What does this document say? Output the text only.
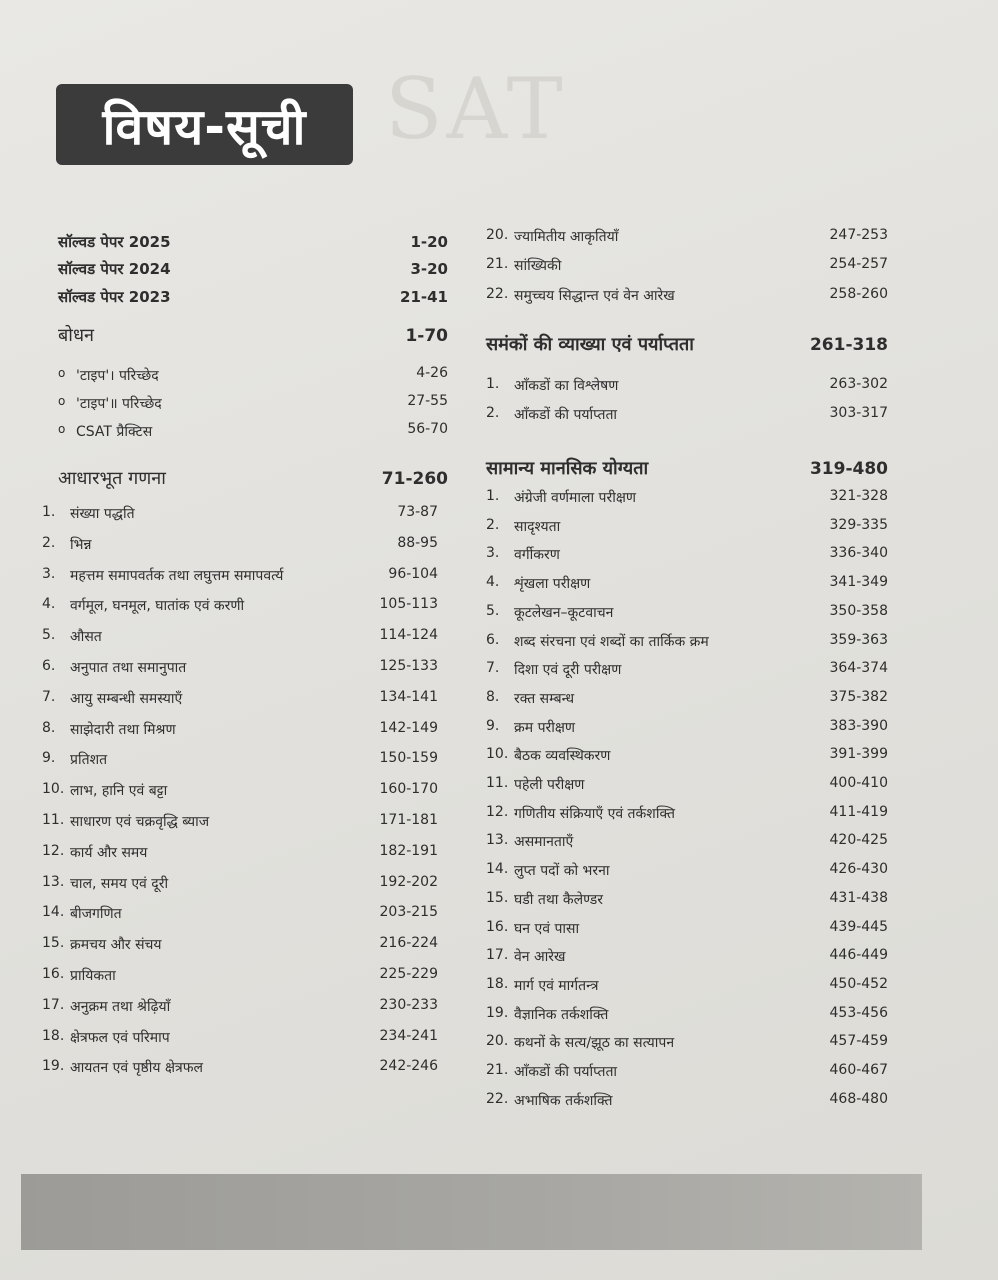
SAT
विषय-सूची
सॉल्वड पेपर 2025	1-20
सॉल्वड पेपर 2024	3-20
सॉल्वड पेपर 2023	21-41
बोधन	1-70
o 'टाइप'। परिच्छेद	4-26
o 'टाइप'॥ परिच्छेद	27-55
o CSAT प्रैक्टिस	56-70
आधारभूत गणना	71-260
1.	संख्या पद्धति	73-87
2.	भिन्न	88-95
3.	महत्तम समापवर्तक तथा लघुत्तम समापवर्त्य	96-104
4.	वर्गमूल, घनमूल, घातांक एवं करणी	105-113
5.	औसत	114-124
6.	अनुपात तथा समानुपात	125-133
7.	आयु सम्बन्धी समस्याएँ	134-141
8.	साझेदारी तथा मिश्रण	142-149
9.	प्रतिशत	150-159
10. लाभ, हानि एवं बट्टा	160-170
11. साधारण एवं चक्रवृद्धि ब्याज	171-181
12. कार्य और समय	182-191
13. चाल, समय एवं दूरी	192-202
14. बीजगणित	203-215
15. क्रमचय और संचय	216-224
16. प्रायिकता	225-229
17. अनुक्रम तथा श्रेढ़ियाँ	230-233
18. क्षेत्रफल एवं परिमाप	234-241
19. आयतन एवं पृष्ठीय क्षेत्रफल	242-246
20. ज्यामितीय आकृतियाँ	247-253
21. सांख्यिकी	254-257
22. समुच्चय सिद्धान्त एवं वेन आरेख	258-260
समंकों की व्याख्या एवं पर्याप्तता	261-318
1.	आँकडों का विश्लेषण	263-302
2.	आँकडों की पर्याप्तता	303-317
सामान्य मानसिक योग्यता	319-480
1.	अंग्रेजी वर्णमाला परीक्षण	321-328
2.	सादृश्यता	329-335
3.	वर्गीकरण	336-340
4.	शृंखला परीक्षण	341-349
5.	कूटलेखन–कूटवाचन	350-358
6.	शब्द संरचना एवं शब्दों का तार्किक क्रम	359-363
7.	दिशा एवं दूरी परीक्षण	364-374
8.	रक्त सम्बन्ध	375-382
9.	क्रम परीक्षण	383-390
10. बैठक व्यवस्थिकरण	391-399
11. पहेली परीक्षण	400-410
12. गणितीय संक्रियाएँ एवं तर्कशक्ति	411-419
13. असमानताएँ	420-425
14. लुप्त पदों को भरना	426-430
15. घडी तथा कैलेण्डर	431-438
16. घन एवं पासा	439-445
17. वेन आरेख	446-449
18. मार्ग एवं मार्गतन्त्र	450-452
19. वैज्ञानिक तर्कशक्ति	453-456
20. कथनों के सत्य/झूठ का सत्यापन	457-459
21. आँकडों की पर्याप्तता	460-467
22. अभाषिक तर्कशक्ति	468-480
